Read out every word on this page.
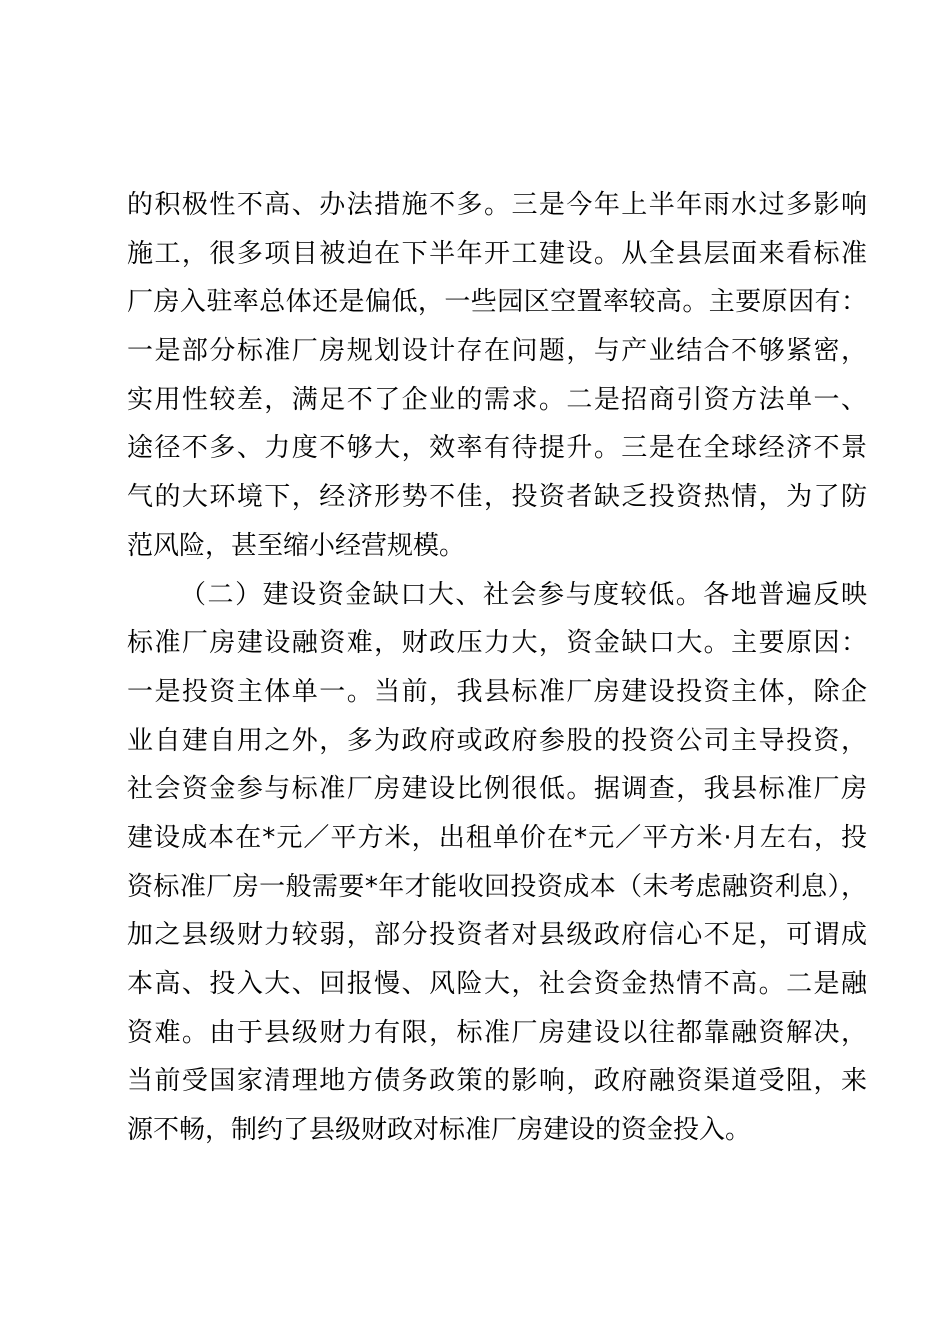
的积极性不高、办法措施不多。三是今年上半年雨水过多影响
施工，很多项目被迫在下半年开工建设。从全县层面来看标准
厂房入驻率总体还是偏低，一些园区空置率较高。主要原因有：
一是部分标准厂房规划设计存在问题，与产业结合不够紧密，
实用性较差，满足不了企业的需求。二是招商引资方法单一、
途径不多、力度不够大，效率有待提升。三是在全球经济不景
气的大环境下，经济形势不佳，投资者缺乏投资热情，为了防
范风险，甚至缩小经营规模。
（二）建设资金缺口大、社会参与度较低。各地普遍反映
标准厂房建设融资难，财政压力大，资金缺口大。主要原因：
一是投资主体单一。当前，我县标准厂房建设投资主体，除企
业自建自用之外，多为政府或政府参股的投资公司主导投资，
社会资金参与标准厂房建设比例很低。据调查，我县标准厂房
建设成本在*元／平方米，出租单价在*元／平方米·月左右，投
资标准厂房一般需要*年才能收回投资成本（未考虑融资利息），
加之县级财力较弱，部分投资者对县级政府信心不足，可谓成
本高、投入大、回报慢、风险大，社会资金热情不高。二是融
资难。由于县级财力有限，标准厂房建设以往都靠融资解决，
当前受国家清理地方债务政策的影响，政府融资渠道受阻，来
源不畅，制约了县级财政对标准厂房建设的资金投入。
